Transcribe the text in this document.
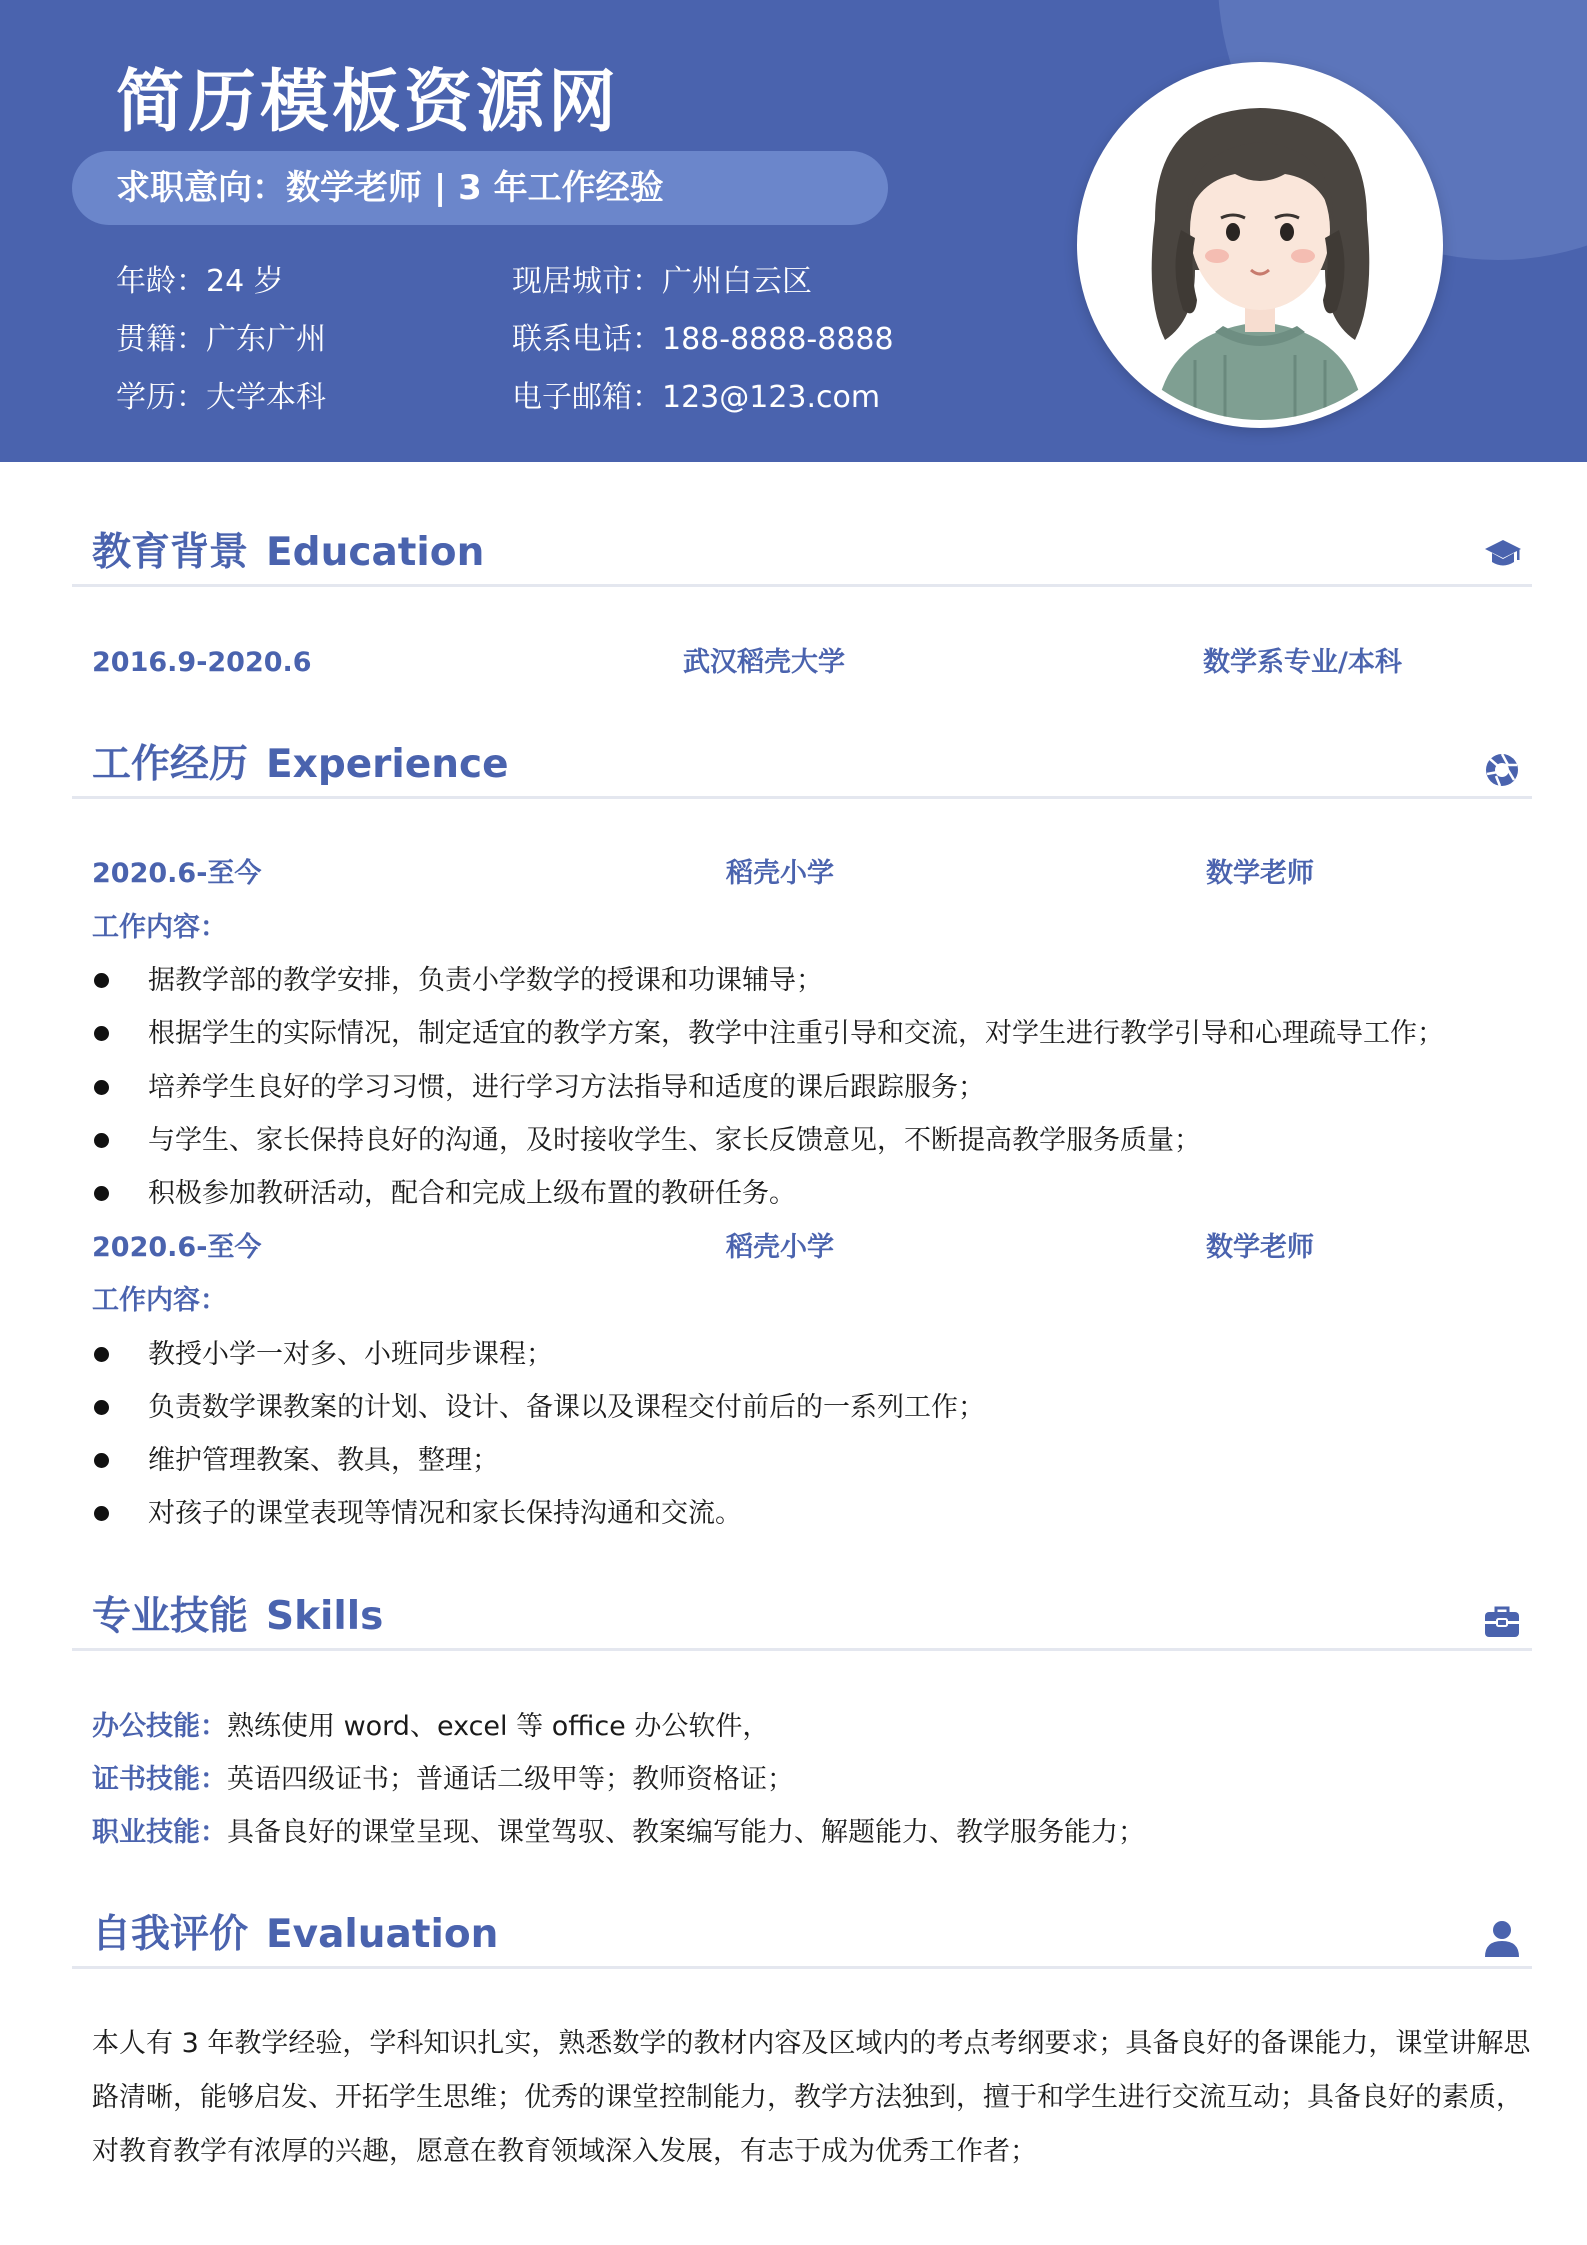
简历模板资源网
求职意向：数学老师 | 3 年工作经验
年龄：24 岁	现居城市：广州白云区
贯籍：广东广州	联系电话：188-8888-8888
学历：大学本科	电子邮箱：123@123.com
教育背景 Education
2016.9-2020.6	武汉稻壳大学	数学系专业/本科
工作经历 Experience
2020.6-至今	稻壳小学	数学老师
工作内容：
据教学部的教学安排，负责小学数学的授课和功课辅导；
根据学生的实际情况，制定适宜的教学方案，教学中注重引导和交流，对学生进行教学引导和心理疏导工作；
培养学生良好的学习习惯，进行学习方法指导和适度的课后跟踪服务；
与学生、家长保持良好的沟通，及时接收学生、家长反馈意见，不断提高教学服务质量；
积极参加教研活动，配合和完成上级布置的教研任务。
2020.6-至今	稻壳小学	数学老师
工作内容：
教授小学一对多、小班同步课程；
负责数学课教案的计划、设计、备课以及课程交付前后的一系列工作；
维护管理教案、教具，整理；
对孩子的课堂表现等情况和家长保持沟通和交流。
专业技能 Skills
办公技能：熟练使用 word、excel 等 office 办公软件，
证书技能：英语四级证书；普通话二级甲等；教师资格证；
职业技能：具备良好的课堂呈现、课堂驾驭、教案编写能力、解题能力、教学服务能力；
自我评价 Evaluation
本人有 3 年教学经验，学科知识扎实，熟悉数学的教材内容及区域内的考点考纲要求；具备良好的备课能力，课堂讲解思
路清晰，能够启发、开拓学生思维；优秀的课堂控制能力，教学方法独到，擅于和学生进行交流互动；具备良好的素质，
对教育教学有浓厚的兴趣，愿意在教育领域深入发展，有志于成为优秀工作者；
